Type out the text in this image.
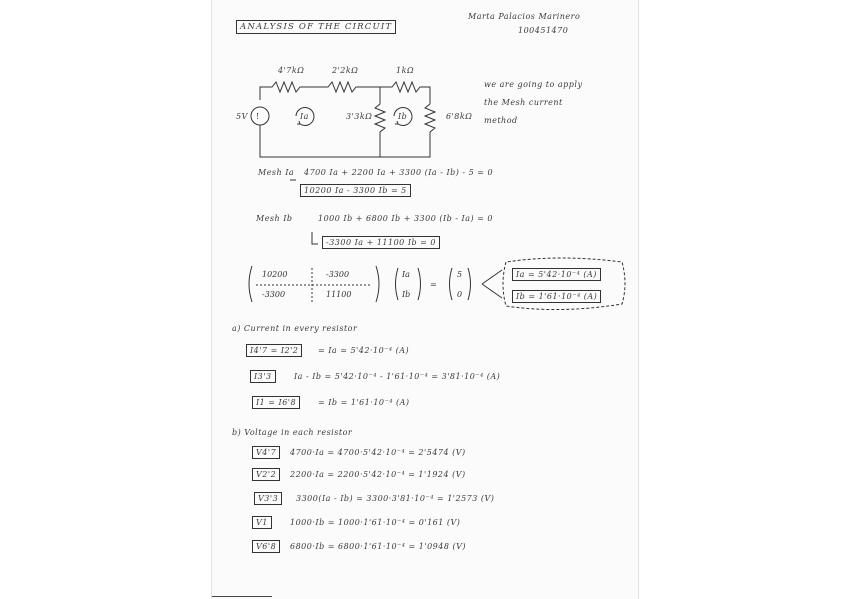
ANALYSIS OF THE CIRCUIT
Marta Palacios Marinero
100451470
!
4'7kΩ	2'2kΩ	1kΩ
5V	Ia	3'3kΩ	Ib	6'8kΩ
we are going to apply
the Mesh current
method
Mesh Ia 4700 Ia + 2200 Ia + 3300 (Ia - Ib) - 5 = 0
10200 Ia - 3300 Ib = 5
Mesh Ib	1000 Ib + 6800 Ib + 3300 (Ib - Ia) = 0
-3300 Ia + 11100 Ib = 0
10200	-3300
-3300	11100
Ia
Ib
=
5
0
Ia = 5'42·10⁻⁴ (A)
Ib = 1'61·10⁻⁴ (A)
a) Current in every resistor
I4'7 = I2'2	= Ia = 5'42·10⁻⁴ (A)
I3'3	Ia - Ib = 5'42·10⁻⁴ - 1'61·10⁻⁴ = 3'81·10⁻⁴ (A)
I1 = I6'8	= Ib = 1'61·10⁻⁴ (A)
b) Voltage in each resistor
V4'7	4700·Ia = 4700·5'42·10⁻⁴ = 2'5474 (V)
V2'2	2200·Ia = 2200·5'42·10⁻⁴ = 1'1924 (V)
V3'3	3300(Ia - Ib) = 3300·3'81·10⁻⁴ = 1'2573 (V)
V1	1000·Ib = 1000·1'61·10⁻⁴ = 0'161 (V)
V6'8	6800·Ib = 6800·1'61·10⁻⁴ = 1'0948 (V)
